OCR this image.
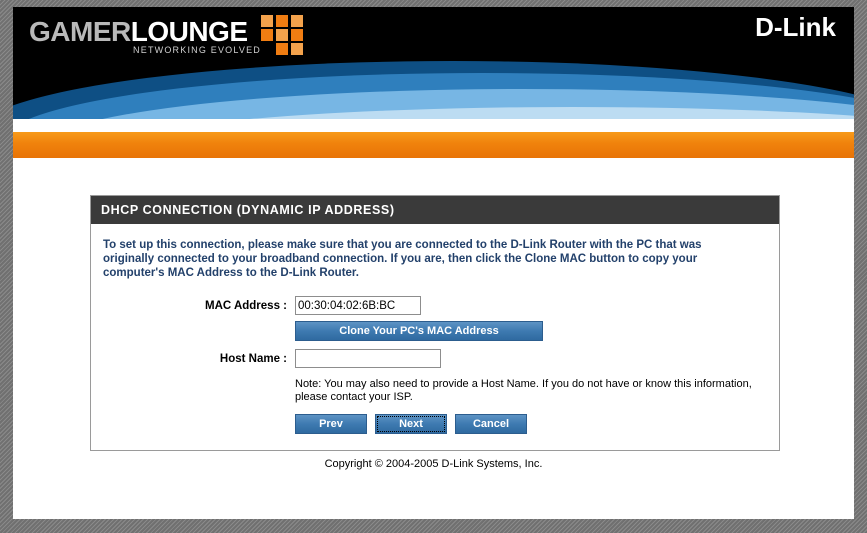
GAMERLOUNGE
NETWORKING EVOLVED
D-Link
DHCP CONNECTION (DYNAMIC IP ADDRESS)

To set up this connection, please make sure that you are connected to the D-Link Router with the PC that was originally connected to your broadband connection. If you are, then click the Clone MAC button to copy your computer's MAC Address to the D-Link Router.

MAC Address :
00:30:04:02:6B:BC
Clone Your PC's MAC Address
Host Name :
Note: You may also need to provide a Host Name. If you do not have or know this information, please contact your ISP.
Prev	Next	Cancel
Copyright © 2004-2005 D-Link Systems, Inc.
